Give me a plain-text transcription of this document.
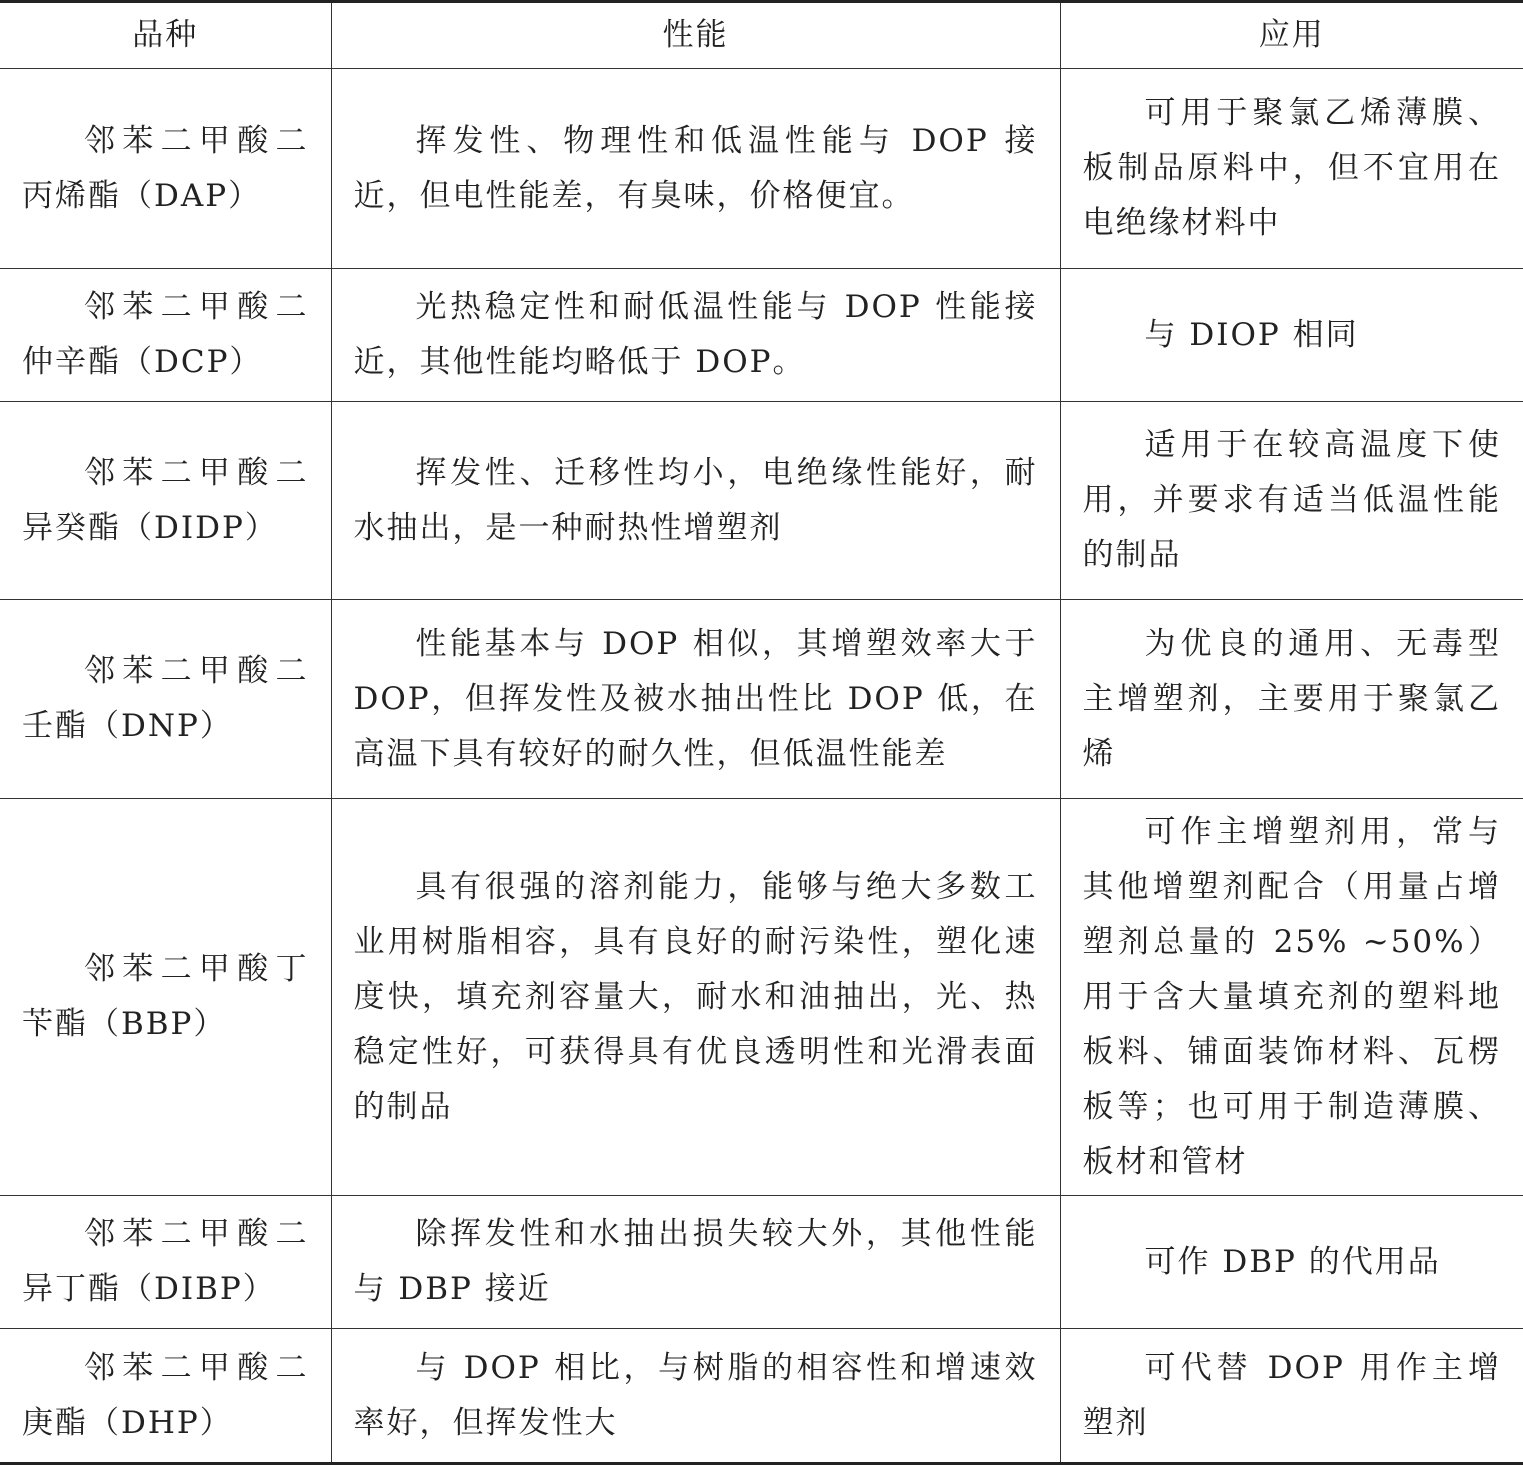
品种	性能	应用

邻苯二甲酸二丙烯酯（DAP）	挥发性、物理性和低温性能与 DOP 接近，但电性能差，有臭味，价格便宜。	可用于聚氯乙烯薄膜、板制品原料中，但不宜用在电绝缘材料中

邻苯二甲酸二仲辛酯（DCP）	光热稳定性和耐低温性能与 DOP 性能接近，其他性能均略低于 DOP。	与 DIOP 相同

邻苯二甲酸二异癸酯（DIDP）	挥发性、迁移性均小，电绝缘性能好，耐水抽出，是一种耐热性增塑剂	适用于在较高温度下使用，并要求有适当低温性能的制品

邻苯二甲酸二壬酯（DNP）	性能基本与 DOP 相似，其增塑效率大于 DOP，但挥发性及被水抽出性比 DOP 低，在高温下具有较好的耐久性，但低温性能差	为优良的通用、无毒型主增塑剂，主要用于聚氯乙烯

邻苯二甲酸丁苄酯（BBP）	具有很强的溶剂能力，能够与绝大多数工业用树脂相容，具有良好的耐污染性，塑化速度快，填充剂容量大，耐水和油抽出，光、热稳定性好，可获得具有优良透明性和光滑表面的制品	可作主增塑剂用，常与其他增塑剂配合（用量占增塑剂总量的 25% ~50%）用于含大量填充剂的塑料地板料、铺面装饰材料、瓦楞板等；也可用于制造薄膜、板材和管材

邻苯二甲酸二异丁酯（DIBP）	除挥发性和水抽出损失较大外，其他性能与 DBP 接近	可作 DBP 的代用品

邻苯二甲酸二庚酯（DHP）	与 DOP 相比，与树脂的相容性和增速效率好，但挥发性大	可代替 DOP 用作主增塑剂
